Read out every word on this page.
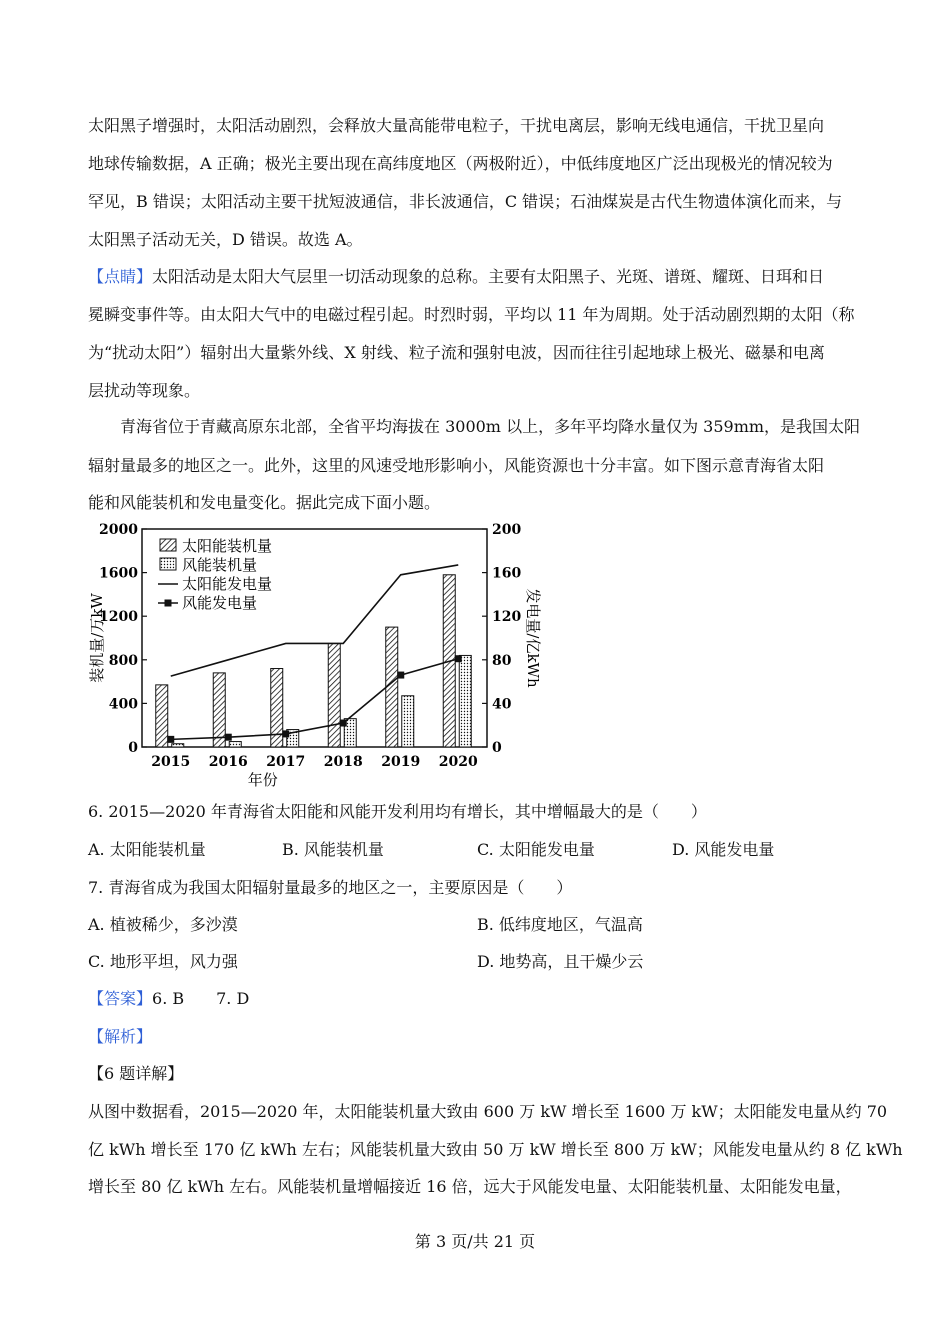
太阳黑子增强时，太阳活动剧烈，会释放大量高能带电粒子，干扰电离层，影响无线电通信，干扰卫星向
地球传输数据，A 正确；极光主要出现在高纬度地区（两极附近），中低纬度地区广泛出现极光的情况较为
罕见，B 错误；太阳活动主要干扰短波通信，非长波通信，C 错误；石油煤炭是古代生物遗体演化而来，与
太阳黑子活动无关，D 错误。故选 A。
【点睛】太阳活动是太阳大气层里一切活动现象的总称。主要有太阳黑子、光斑、谱斑、耀斑、日珥和日
冕瞬变事件等。由太阳大气中的电磁过程引起。时烈时弱，平均以 11 年为周期。处于活动剧烈期的太阳（称
为“扰动太阳”）辐射出大量紫外线、X 射线、粒子流和强射电波，因而往往引起地球上极光、磁暴和电离
层扰动等现象。
青海省位于青藏高原东北部，全省平均海拔在 3000m 以上，多年平均降水量仅为 359mm，是我国太阳
辐射量最多的地区之一。此外，这里的风速受地形影响小，风能资源也十分丰富。如下图示意青海省太阳
能和风能装机和发电量变化。据此完成下面小题。
0
400
800
1200
1600
2000
0
40
80
120
160
200
装机量/万kW	发电量/亿kWh
2015 2016 2017 2018 2019 2020
年份
太阳能装机量
风能装机量
太阳能发电量
风能发电量
6. 2015—2020 年青海省太阳能和风能开发利用均有增长，其中增幅最大的是（　　）
A. 太阳能装机量	B. 风能装机量	C. 太阳能发电量	D. 风能发电量
7. 青海省成为我国太阳辐射量最多的地区之一，主要原因是（　　）
A. 植被稀少，多沙漠	B. 低纬度地区，气温高
C. 地形平坦，风力强	D. 地势高，且干燥少云
【答案】6. B　　7. D
【解析】
【6 题详解】
从图中数据看，2015—2020 年，太阳能装机量大致由 600 万 kW 增长至 1600 万 kW；太阳能发电量从约 70
亿 kWh 增长至 170 亿 kWh 左右；风能装机量大致由 50 万 kW 增长至 800 万 kW；风能发电量从约 8 亿 kWh
增长至 80 亿 kWh 左右。风能装机量增幅接近 16 倍，远大于风能发电量、太阳能装机量、太阳能发电量，
第 3 页/共 21 页
